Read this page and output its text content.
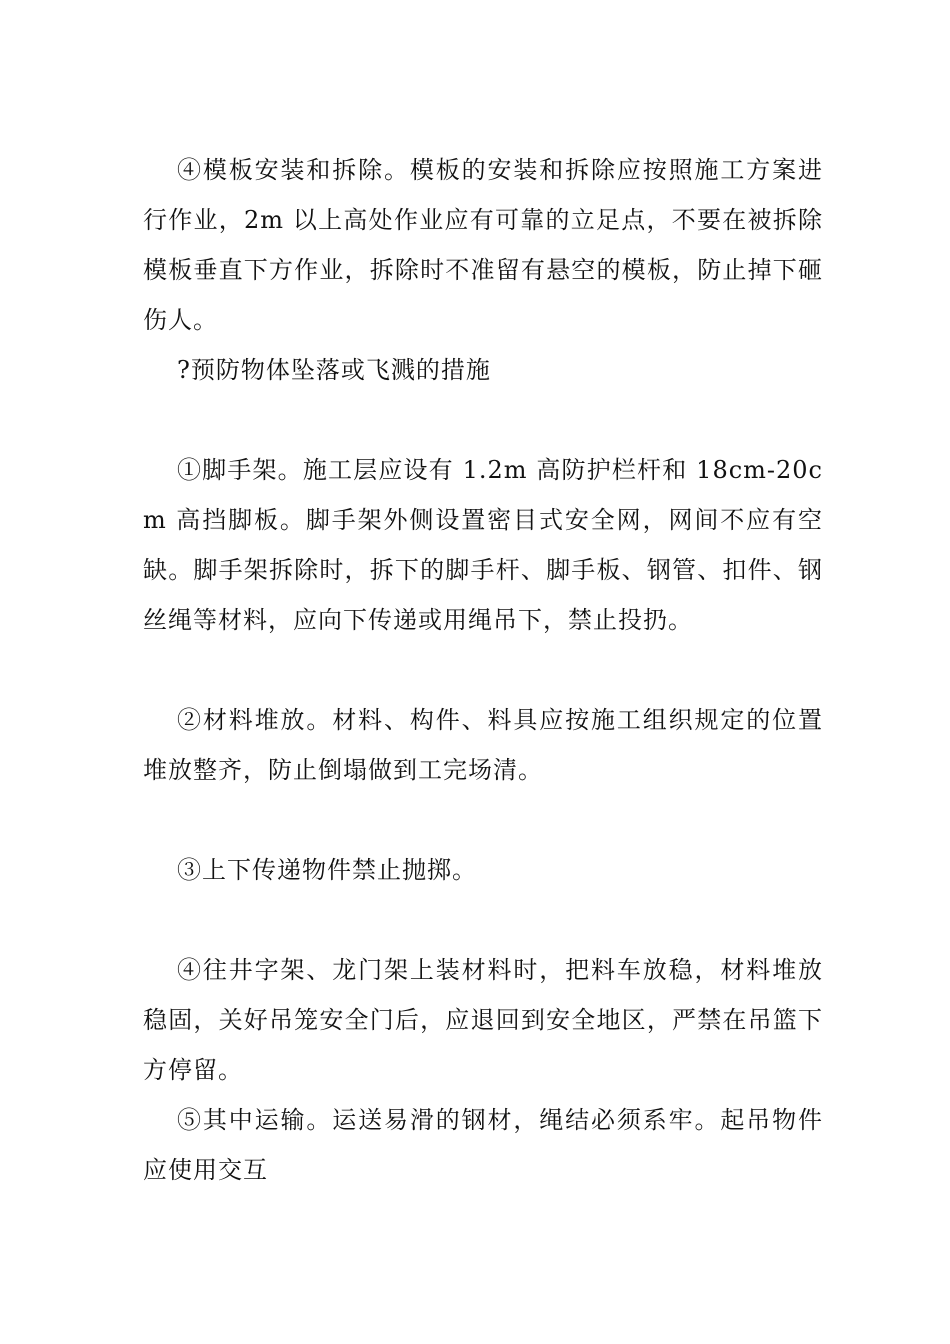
④模板安装和拆除。模板的安装和拆除应按照施工方案进行作业，2m 以上高处作业应有可靠的立足点，不要在被拆除模板垂直下方作业，拆除时不准留有悬空的模板，防止掉下砸伤人。

?预防物体坠落或飞溅的措施

①脚手架。施工层应设有 1.2m 高防护栏杆和 18cm-20cm 高挡脚板。脚手架外侧设置密目式安全网，网间不应有空缺。脚手架拆除时，拆下的脚手杆、脚手板、钢管、扣件、钢丝绳等材料，应向下传递或用绳吊下，禁止投扔。

②材料堆放。材料、构件、料具应按施工组织规定的位置堆放整齐，防止倒塌做到工完场清。

③上下传递物件禁止抛掷。

④往井字架、龙门架上装材料时，把料车放稳，材料堆放稳固，关好吊笼安全门后，应退回到安全地区，严禁在吊篮下方停留。

⑤其中运输。运送易滑的钢材，绳结必须系牢。起吊物件应使用交互
